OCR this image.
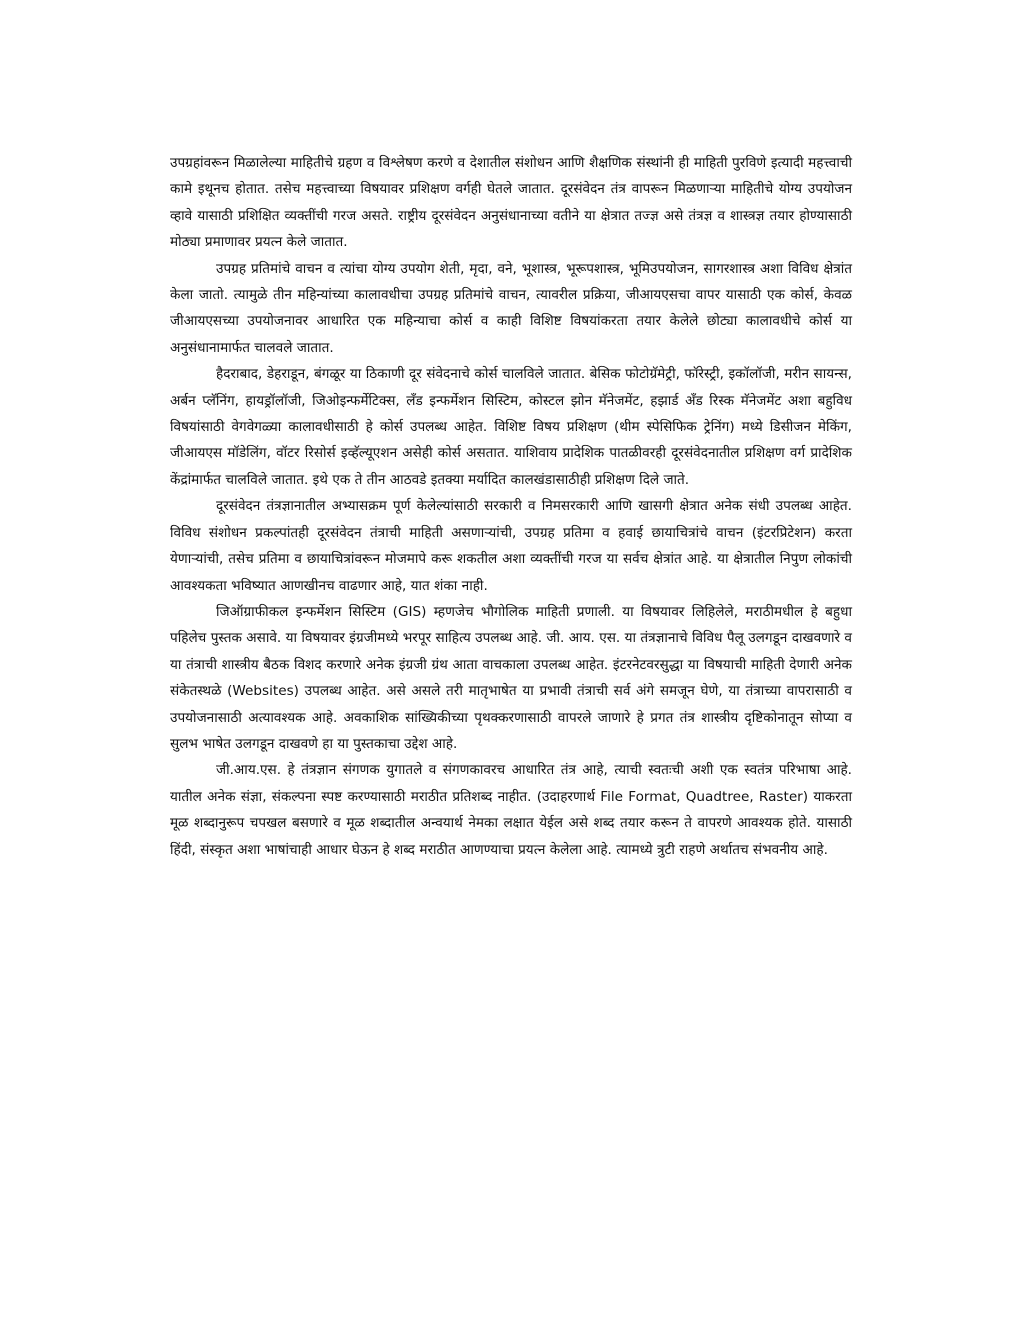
उपग्रहांवरून मिळालेल्या माहितीचे ग्रहण व विश्लेषण करणे व देशातील संशोधन आणि शैक्षणिक संस्थांनी ही माहिती पुरविणे इत्यादी महत्त्वाची कामे इथूनच होतात. तसेच महत्त्वाच्या विषयावर प्रशिक्षण वर्गही घेतले जातात. दूरसंवेदन तंत्र वापरून मिळणाऱ्या माहितीचे योग्य उपयोजन व्हावे यासाठी प्रशिक्षित व्यक्तींची गरज असते. राष्ट्रीय दूरसंवेदन अनुसंधानाच्या वतीने या क्षेत्रात तज्ज्ञ असे तंत्रज्ञ व शास्त्रज्ञ तयार होण्यासाठी मोठ्या प्रमाणावर प्रयत्न केले जातात.

उपग्रह प्रतिमांचे वाचन व त्यांचा योग्य उपयोग शेती, मृदा, वने, भूशास्त्र, भूरूपशास्त्र, भूमिउपयोजन, सागरशास्त्र अशा विविध क्षेत्रांत केला जातो. त्यामुळे तीन महिन्यांच्या कालावधीचा उपग्रह प्रतिमांचे वाचन, त्यावरील प्रक्रिया, जीआयएसचा वापर यासाठी एक कोर्स, केवळ जीआयएसच्या उपयोजनावर आधारित एक महिन्याचा कोर्स व काही विशिष्ट विषयांकरता तयार केलेले छोट्या कालावधीचे कोर्स या अनुसंधानामार्फत चालवले जातात.

हैदराबाद, डेहराडून, बंगळूर या ठिकाणी दूर संवेदनाचे कोर्स चालविले जातात. बेसिक फोटोग्रॅमेट्री, फॉरेस्ट्री, इकॉलॉजी, मरीन सायन्स, अर्बन प्लॅनिंग, हायड्रॉलॉजी, जिओइन्फर्मेटिक्स, लॅंड इन्फर्मेशन सिस्टिम, कोस्टल झोन मॅनेजमेंट, हझार्ड अँड रिस्क मॅनेजमेंट अशा बहुविध विषयांसाठी वेगवेगळ्या कालावधीसाठी हे कोर्स उपलब्ध आहेत. विशिष्ट विषय प्रशिक्षण (थीम स्पेसिफिक ट्रेनिंग) मध्ये डिसीजन मेकिंग, जीआयएस मॉडेलिंग, वॉटर रिसोर्स इव्हॅल्यूएशन असेही कोर्स असतात. याशिवाय प्रादेशिक पातळीवरही दूरसंवेदनातील प्रशिक्षण वर्ग प्रादेशिक केंद्रांमार्फत चालविले जातात. इथे एक ते तीन आठवडे इतक्या मर्यादित कालखंडासाठीही प्रशिक्षण दिले जाते.

दूरसंवेदन तंत्रज्ञानातील अभ्यासक्रम पूर्ण केलेल्यांसाठी सरकारी व निमसरकारी आणि खासगी क्षेत्रात अनेक संधी उपलब्ध आहेत. विविध संशोधन प्रकल्पांतही दूरसंवेदन तंत्राची माहिती असणाऱ्यांची, उपग्रह प्रतिमा व हवाई छायाचित्रांचे वाचन (इंटरप्रिटेशन) करता येणाऱ्यांची, तसेच प्रतिमा व छायाचित्रांवरून मोजमापे करू शकतील अशा व्यक्तींची गरज या सर्वच क्षेत्रांत आहे. या क्षेत्रातील निपुण लोकांची आवश्यकता भविष्यात आणखीनच वाढणार आहे, यात शंका नाही.

जिऑग्राफीकल इन्फर्मेशन सिस्टिम (GIS) म्हणजेच भौगोलिक माहिती प्रणाली. या विषयावर लिहिलेले, मराठीमधील हे बहुधा पहिलेच पुस्तक असावे. या विषयावर इंग्रजीमध्ये भरपूर साहित्य उपलब्ध आहे. जी. आय. एस. या तंत्रज्ञानाचे विविध पैलू उलगडून दाखवणारे व या तंत्राची शास्त्रीय बैठक विशद करणारे अनेक इंग्रजी ग्रंथ आता वाचकाला उपलब्ध आहेत. इंटरनेटवरसुद्धा या विषयाची माहिती देणारी अनेक संकेतस्थळे (Websites) उपलब्ध आहेत. असे असले तरी मातृभाषेत या प्रभावी तंत्राची सर्व अंगे समजून घेणे, या तंत्राच्या वापरासाठी व उपयोजनासाठी अत्यावश्यक आहे. अवकाशिक सांख्यिकीच्या पृथक्करणासाठी वापरले जाणारे हे प्रगत तंत्र शास्त्रीय दृष्टिकोनातून सोप्या व सुलभ भाषेत उलगडून दाखवणे हा या पुस्तकाचा उद्देश आहे.

जी.आय.एस. हे तंत्रज्ञान संगणक युगातले व संगणकावरच आधारित तंत्र आहे, त्याची स्वतःची अशी एक स्वतंत्र परिभाषा आहे. यातील अनेक संज्ञा, संकल्पना स्पष्ट करण्यासाठी मराठीत प्रतिशब्द नाहीत. (उदाहरणार्थ File Format, Quadtree, Raster) याकरता मूळ शब्दानुरूप चपखल बसणारे व मूळ शब्दातील अन्वयार्थ नेमका लक्षात येईल असे शब्द तयार करून ते वापरणे आवश्यक होते. यासाठी हिंदी, संस्कृत अशा भाषांचाही आधार घेऊन हे शब्द मराठीत आणण्याचा प्रयत्न केलेला आहे. त्यामध्ये त्रुटी राहणे अर्थातच संभवनीय आहे.
